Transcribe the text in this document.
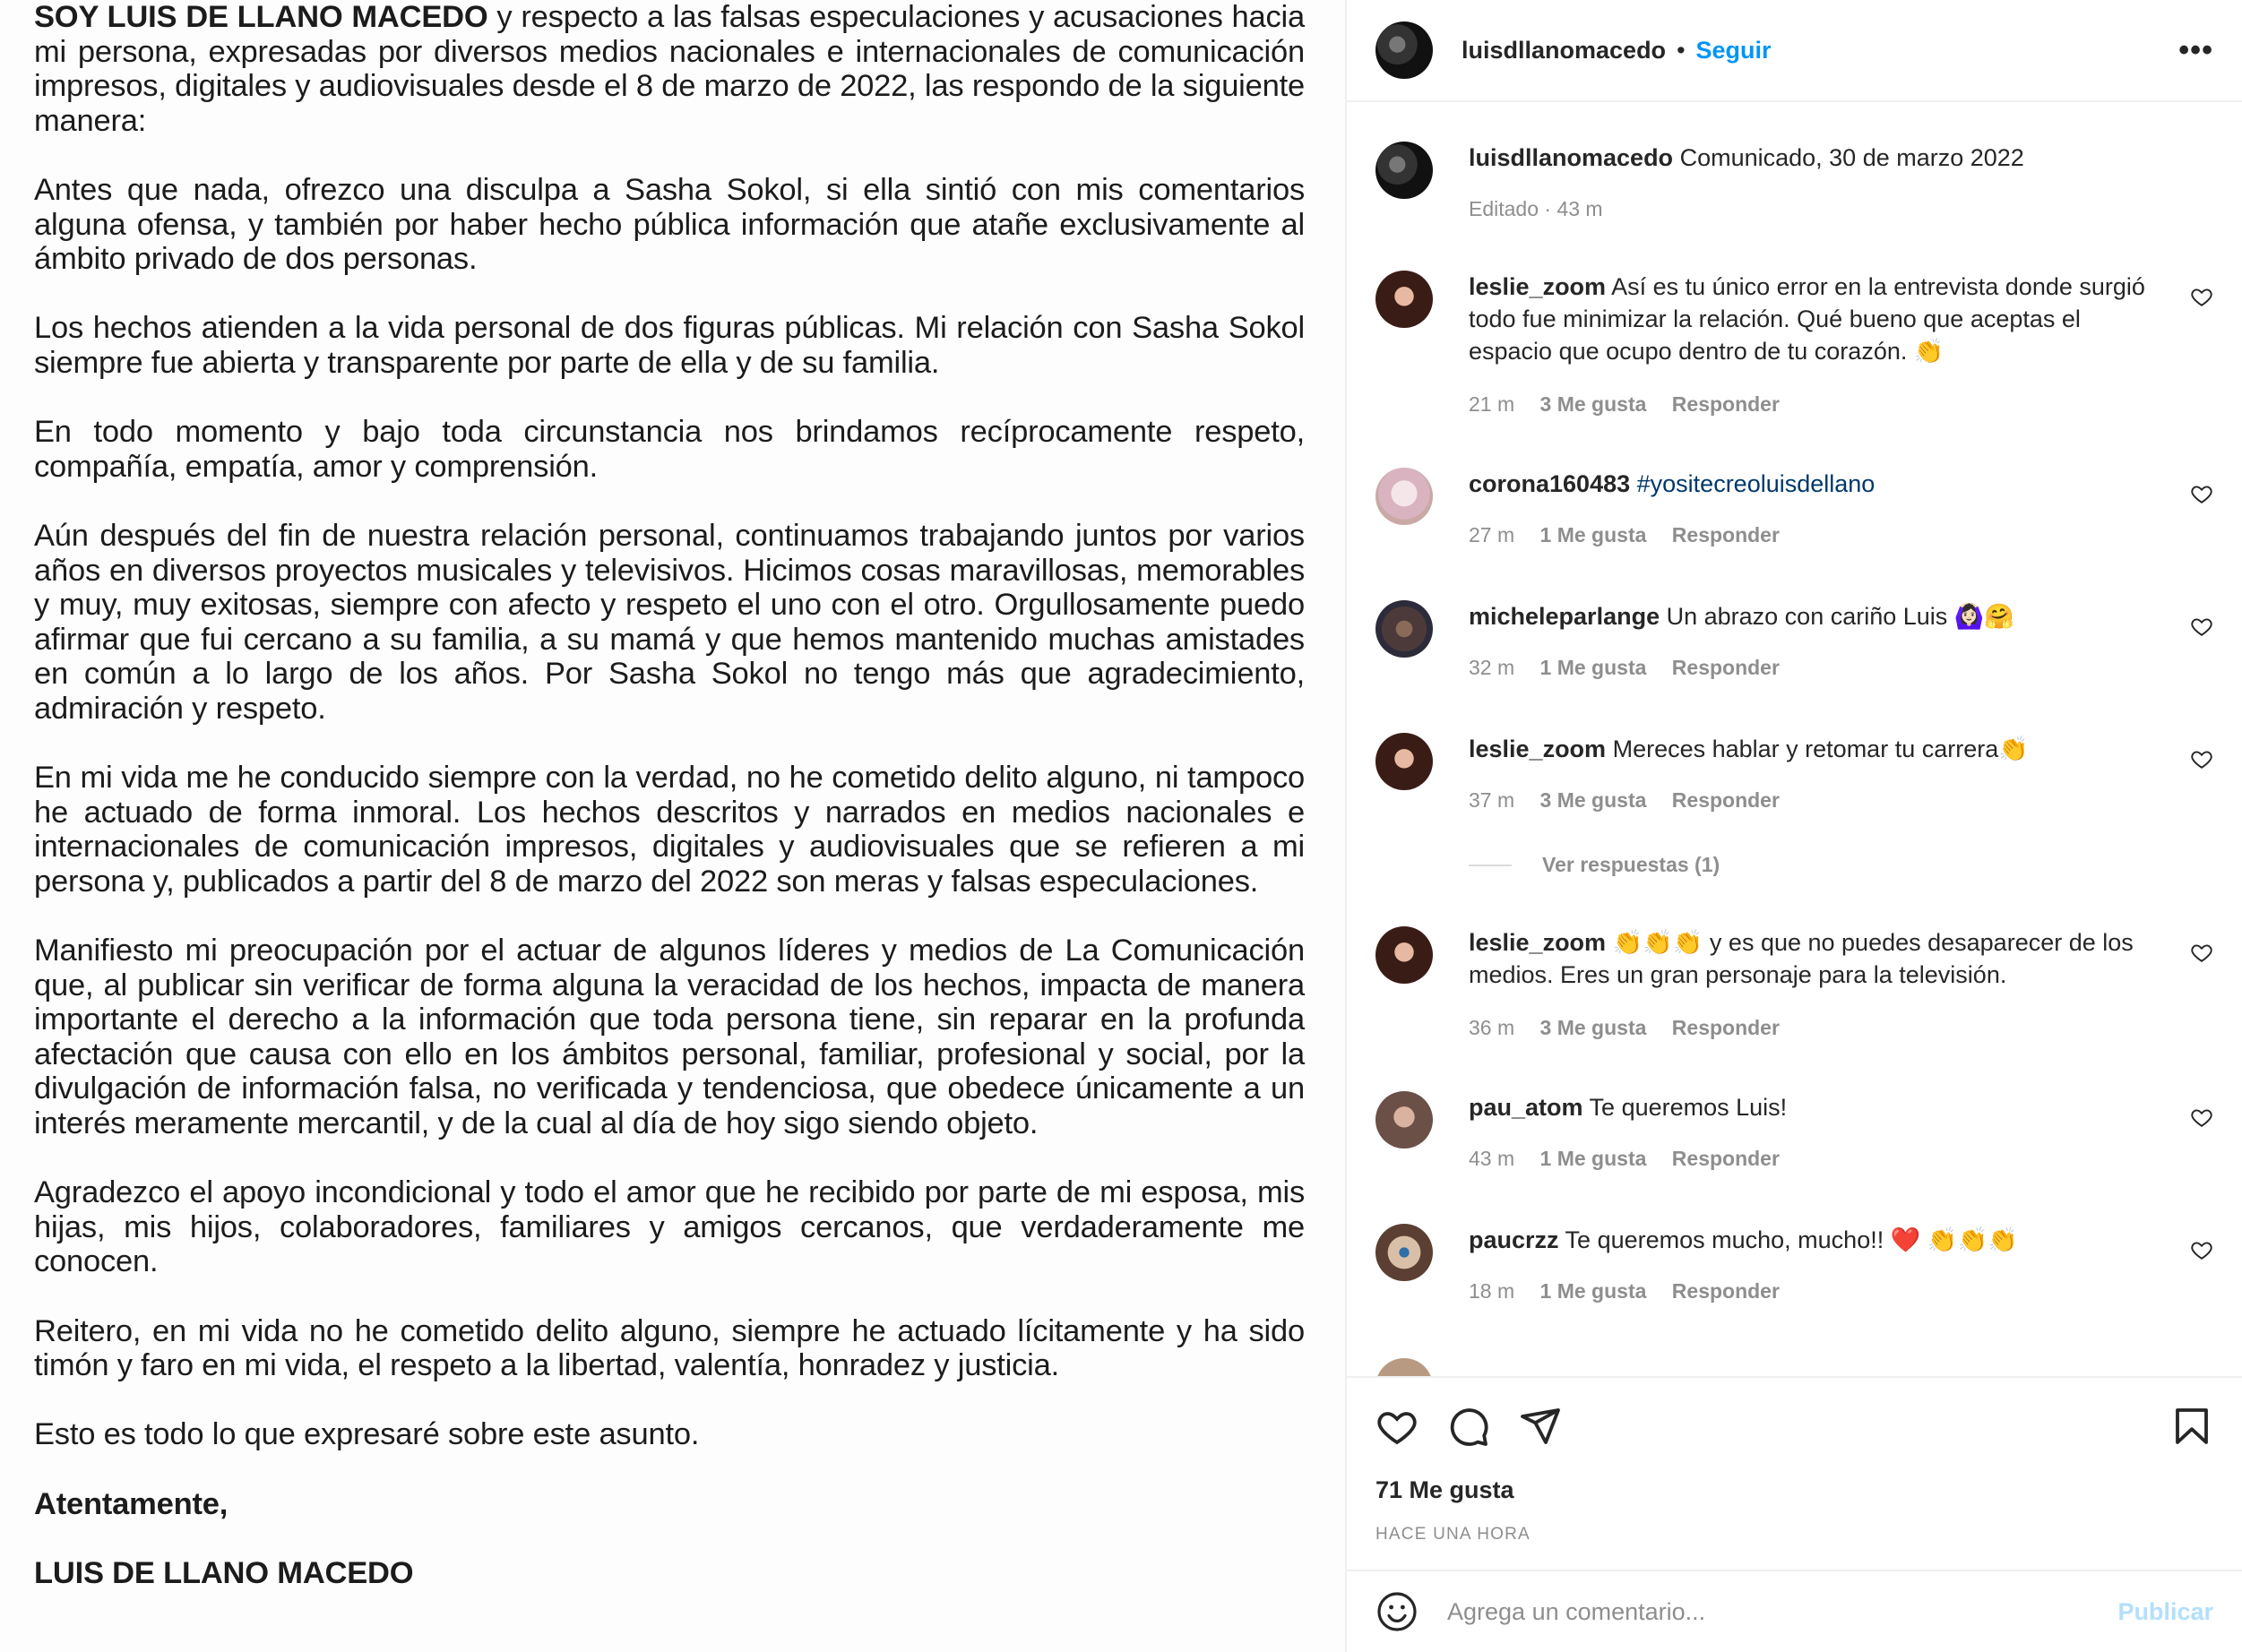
SOY LUIS DE LLANO MACEDO y respecto a las falsas especulaciones y acusaciones hacia mi persona, expresadas por diversos medios nacionales e internacionales de comunicación impresos, digitales y audiovisuales desde el 8 de marzo de 2022, las respondo de la siguiente manera:

Antes que nada, ofrezco una disculpa a Sasha Sokol, si ella sintió con mis comentarios alguna ofensa, y también por haber hecho pública información que atañe exclusivamente al ámbito privado de dos personas.

Los hechos atienden a la vida personal de dos figuras públicas. Mi relación con Sasha Sokol siempre fue abierta y transparente por parte de ella y de su familia.

En todo momento y bajo toda circunstancia nos brindamos recíprocamente respeto, compañía, empatía, amor y comprensión.

Aún después del fin de nuestra relación personal, continuamos trabajando juntos por varios años en diversos proyectos musicales y televisivos. Hicimos cosas maravillosas, memorables y muy, muy exitosas, siempre con afecto y respeto el uno con el otro. Orgullosamente puedo afirmar que fui cercano a su familia, a su mamá y que hemos mantenido muchas amistades en común a lo largo de los años. Por Sasha Sokol no tengo más que agradecimiento, admiración y respeto.

En mi vida me he conducido siempre con la verdad, no he cometido delito alguno, ni tampoco he actuado de forma inmoral. Los hechos descritos y narrados en medios nacionales e internacionales de comunicación impresos, digitales y audiovisuales que se refieren a mi persona y, publicados a partir del 8 de marzo del 2022 son meras y falsas especulaciones.

Manifiesto mi preocupación por el actuar de algunos líderes y medios de La Comunicación que, al publicar sin verificar de forma alguna la veracidad de los hechos, impacta de manera importante el derecho a la información que toda persona tiene, sin reparar en la profunda afectación que causa con ello en los ámbitos personal, familiar, profesional y social, por la divulgación de información falsa, no verificada y tendenciosa, que obedece únicamente a un interés meramente mercantil, y de la cual al día de hoy sigo siendo objeto.

Agradezco el apoyo incondicional y todo el amor que he recibido por parte de mi esposa, mis hijas, mis hijos, colaboradores, familiares y amigos cercanos, que verdaderamente me conocen.

Reitero, en mi vida no he cometido delito alguno, siempre he actuado lícitamente y ha sido timón y faro en mi vida, el respeto a la libertad, valentía, honradez y justicia.

Esto es todo lo que expresaré sobre este asunto.

Atentamente,

LUIS DE LLANO MACEDO

luisdllanomacedo • Seguir	•••
luisdllanomacedo Comunicado, 30 de marzo 2022
Editado · 43 m
leslie_zoom Así es tu único error en la entrevista donde surgió todo fue minimizar la relación. Qué bueno que aceptas el espacio que ocupo dentro de tu corazón. 👏
21 m 3 Me gusta Responder
corona160483 #yositecreoluisdellano
27 m 1 Me gusta Responder
micheleparlange Un abrazo con cariño Luis 🙆🏻‍♀️🤗
32 m 1 Me gusta Responder
leslie_zoom Mereces hablar y retomar tu carrera👏
37 m 3 Me gusta Responder
Ver respuestas (1)
leslie_zoom 👏👏👏 y es que no puedes desaparecer de los medios. Eres un gran personaje para la televisión.
36 m 3 Me gusta Responder
pau_atom Te queremos Luis!
43 m 1 Me gusta Responder
paucrzz Te queremos mucho, mucho!! ❤️ 👏👏👏
18 m 1 Me gusta Responder
71 Me gusta
HACE UNA HORA
Agrega un comentario...
Publicar
